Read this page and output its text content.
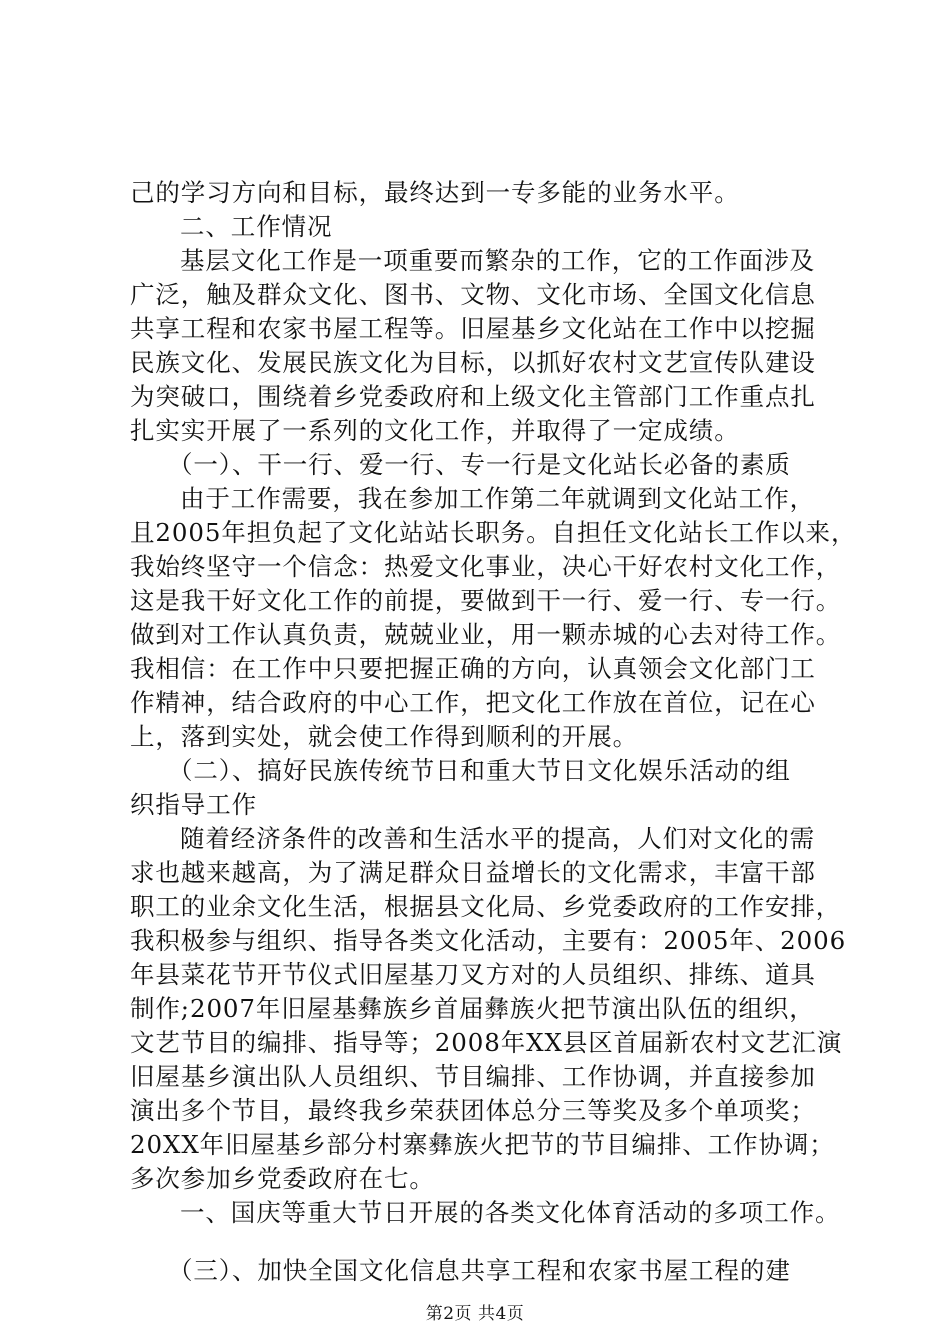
己的学习方向和目标，最终达到一专多能的业务水平。
二、工作情况
基层文化工作是一项重要而繁杂的工作，它的工作面涉及
广泛，触及群众文化、图书、文物、文化市场、全国文化信息
共享工程和农家书屋工程等。旧屋基乡文化站在工作中以挖掘
民族文化、发展民族文化为目标，以抓好农村文艺宣传队建设
为突破口，围绕着乡党委政府和上级文化主管部门工作重点扎
扎实实开展了一系列的文化工作，并取得了一定成绩。
（一）、干一行、爱一行、专一行是文化站长必备的素质
由于工作需要，我在参加工作第二年就调到文化站工作，
且2005年担负起了文化站站长职务。自担任文化站长工作以来，
我始终坚守一个信念：热爱文化事业，决心干好农村文化工作，
这是我干好文化工作的前提，要做到干一行、爱一行、专一行。
做到对工作认真负责，兢兢业业，用一颗赤城的心去对待工作。
我相信：在工作中只要把握正确的方向，认真领会文化部门工
作精神，结合政府的中心工作，把文化工作放在首位，记在心
上，落到实处，就会使工作得到顺利的开展。
（二）、搞好民族传统节日和重大节日文化娱乐活动的组
织指导工作
随着经济条件的改善和生活水平的提高，人们对文化的需
求也越来越高，为了满足群众日益增长的文化需求，丰富干部
职工的业余文化生活，根据县文化局、乡党委政府的工作安排，
我积极参与组织、指导各类文化活动，主要有：2005年、2006
年县菜花节开节仪式旧屋基刀叉方对的人员组织、排练、道具
制作;2007年旧屋基彝族乡首届彝族火把节演出队伍的组织，
文艺节目的编排、指导等；2008年XX县区首届新农村文艺汇演
旧屋基乡演出队人员组织、节目编排、工作协调，并直接参加
演出多个节目，最终我乡荣获团体总分三等奖及多个单项奖；
20XX年旧屋基乡部分村寨彝族火把节的节目编排、工作协调；
多次参加乡党委政府在七。
一、国庆等重大节日开展的各类文化体育活动的多项工作。
（三）、加快全国文化信息共享工程和农家书屋工程的建
第2页 共4页
